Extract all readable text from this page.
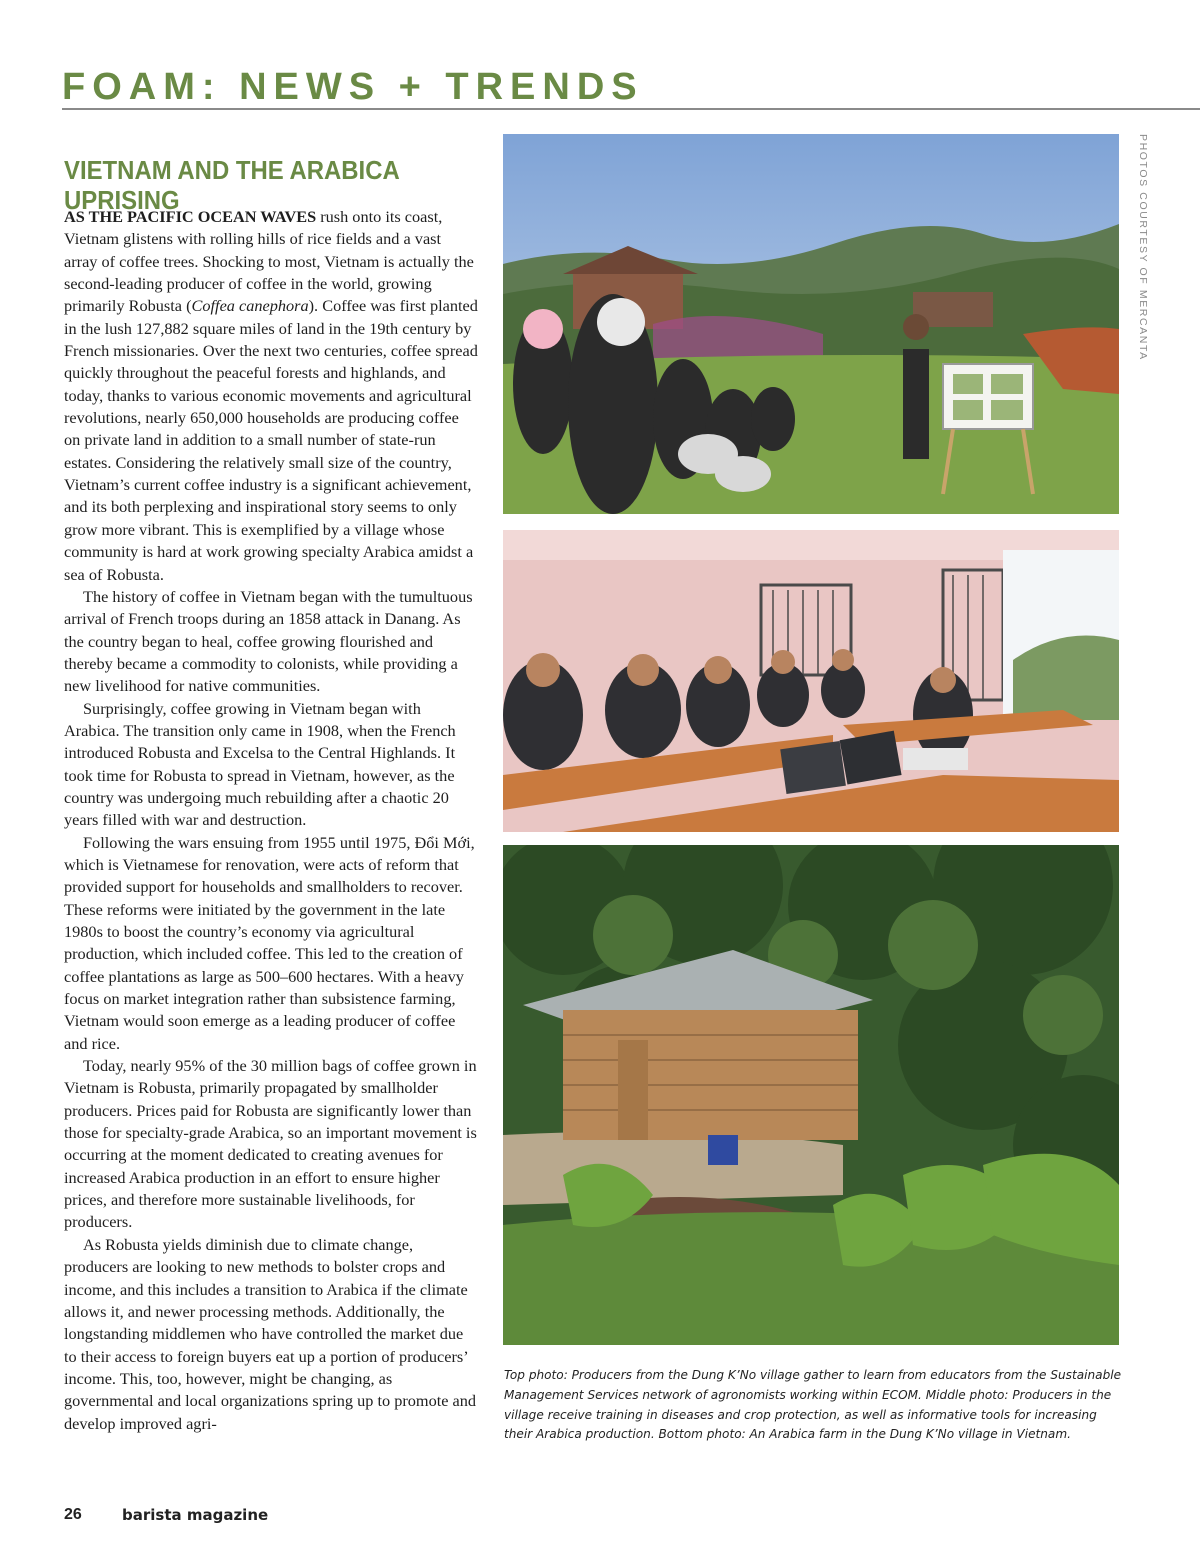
FOAM: NEWS + TRENDS
VIETNAM AND THE ARABICA UPRISING

AS THE PACIFIC OCEAN WAVES rush onto its coast, Vietnam glistens with rolling hills of rice fields and a vast array of coffee trees. Shocking to most, Vietnam is actually the second-leading producer of coffee in the world, growing primarily Robusta (Coffea canephora). Coffee was first planted in the lush 127,882 square miles of land in the 19th century by French missionaries. Over the next two centuries, coffee spread quickly throughout the peaceful forests and highlands, and today, thanks to various economic movements and agricultural revolutions, nearly 650,000 households are producing coffee on private land in addition to a small number of state-run estates. Considering the relatively small size of the country, Vietnam’s current coffee industry is a significant achievement, and its both perplexing and inspirational story seems to only grow more vibrant. This is exemplified by a village whose community is hard at work growing specialty Arabica amidst a sea of Robusta.

The history of coffee in Vietnam began with the tumultuous arrival of French troops during an 1858 attack in Danang. As the country began to heal, coffee growing flourished and thereby became a commodity to colonists, while providing a new livelihood for native communities.

Surprisingly, coffee growing in Vietnam began with Arabica. The transition only came in 1908, when the French introduced Robusta and Excelsa to the Central Highlands. It took time for Robusta to spread in Vietnam, however, as the country was undergoing much rebuilding after a chaotic 20 years filled with war and destruction.

Following the wars ensuing from 1955 until 1975, Đổi Mới, which is Vietnamese for renovation, were acts of reform that provided support for households and smallholders to recover. These reforms were initiated by the government in the late 1980s to boost the country’s economy via agricultural production, which included coffee. This led to the creation of coffee plantations as large as 500–600 hectares. With a heavy focus on market integration rather than subsistence farming, Vietnam would soon emerge as a leading producer of coffee and rice.

Today, nearly 95% of the 30 million bags of coffee grown in Vietnam is Robusta, primarily propagated by smallholder producers. Prices paid for Robusta are significantly lower than those for specialty-grade Arabica, so an important movement is occurring at the moment dedicated to creating avenues for increased Arabica production in an effort to ensure higher prices, and therefore more sustainable livelihoods, for producers.

As Robusta yields diminish due to climate change, producers are looking to new methods to bolster crops and income, and this includes a transition to Arabica if the climate allows it, and newer processing methods. Additionally, the longstanding middlemen who have controlled the market due to their access to foreign buyers eat up a portion of producers’ income. This, too, however, might be changing, as governmental and local organizations spring up to promote and develop improved agri-

PHOTOS COURTESY OF MERCANTA
Top photo: Producers from the Dung K’No village gather to learn from educators from the Sustainable Management Services network of agronomists working within ECOM. Middle photo: Producers in the village receive training in diseases and crop protection, as well as informative tools for increasing their Arabica production. Bottom photo: An Arabica farm in the Dung K’No village in Vietnam.
26	barista magazine
